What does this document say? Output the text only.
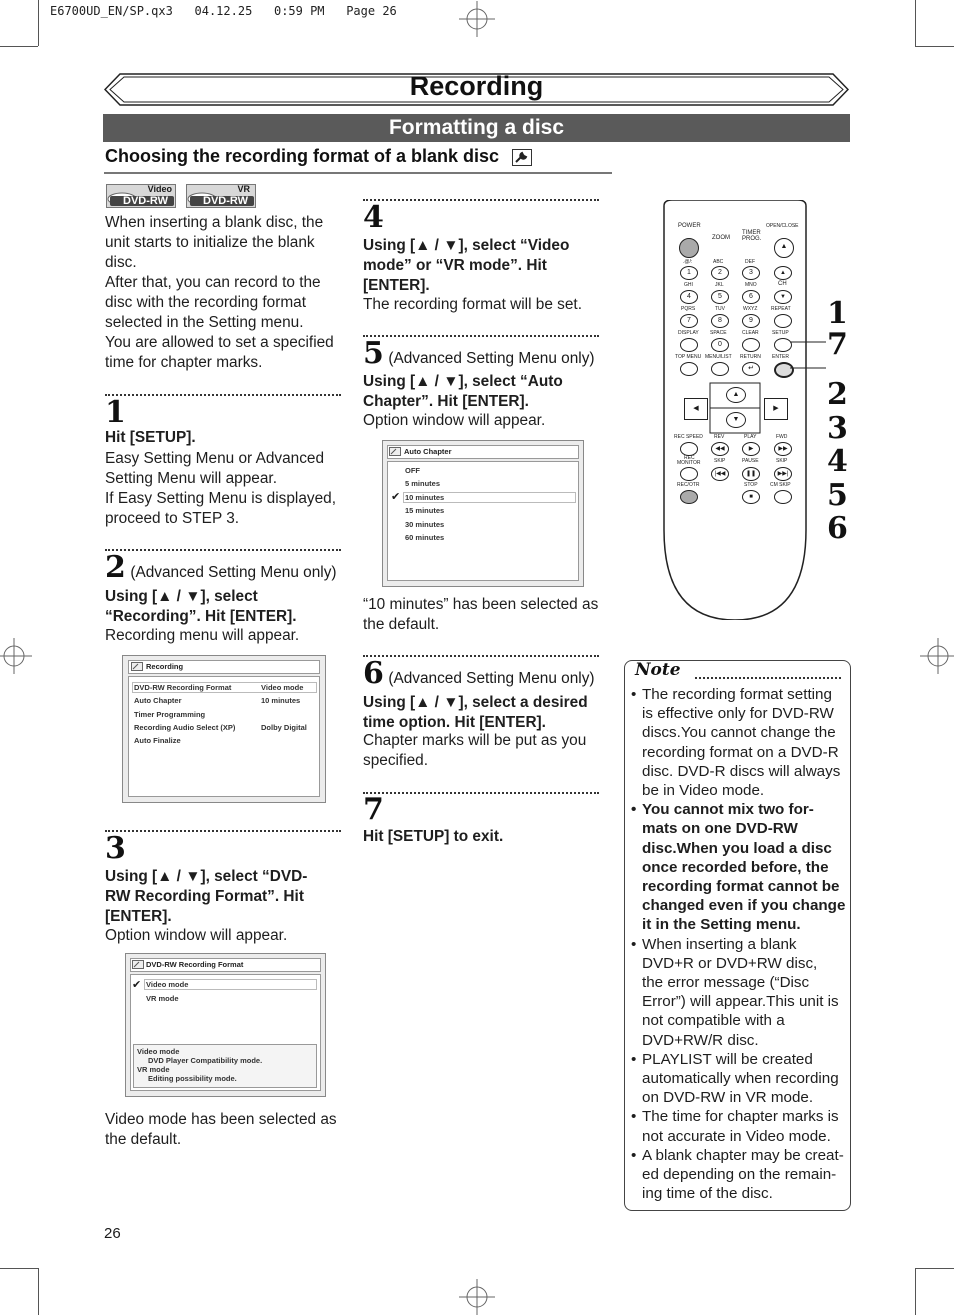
E6700UD_EN/SP.qx3   04.12.25   0:59 PM   Page 26
Recording
Formatting a disc
Choosing the recording format of a blank disc
Video
DVD-RW
VR
DVD-RW
When inserting a blank disc, the
unit starts to initialize the blank
disc.
After that, you can record to the
disc with the recording format
selected in the Setting menu.
You are allowed to set a specified
time for chapter marks.
1
Hit [SETUP].
Easy Setting Menu or Advanced
Setting Menu will appear.
If Easy Setting Menu is displayed,
proceed to STEP 3.
2 (Advanced Setting Menu only)
Using [▲ / ▼], select
“Recording”. Hit [ENTER].
Recording menu will appear.
Recording
DVD-RW Recording Format	Video mode
Auto Chapter	10 minutes
Timer Programming
Recording Audio Select (XP)	Dolby Digital
Auto Finalize
3
Using [▲ / ▼], select “DVD-
RW Recording Format”. Hit
[ENTER].
Option window will appear.
DVD-RW Recording Format
✔ Video mode
VR mode
Video mode
DVD Player Compatibility mode.
VR mode
Editing possibility mode.
Video mode has been selected as
the default.
4
Using [▲ / ▼], select “Video
mode” or “VR mode”. Hit
[ENTER].
The recording format will be set.
5 (Advanced Setting Menu only)
Using [▲ / ▼], select “Auto
Chapter”. Hit [ENTER].
Option window will appear.
Auto Chapter
✔
OFF
5 minutes
10 minutes
15 minutes
30 minutes
60 minutes
“10 minutes” has been selected as
the default.
6 (Advanced Setting Menu only)
Using [▲ / ▼], select a desired
time option. Hit [ENTER].
Chapter marks will be put as you
specified.
7
Hit [SETUP] to exit.
POWER
ZOOM
TIMER
PROG.
OPEN/CLOSE
▲
.@/:	ABC	DEF
1	2	3	▲
GHI	JKL	MNO	CH
4	5	6	▼
PQRS	TUV	WXYZ	REPEAT
7	8	9
DISPLAY SPACE	CLEAR	SETUP
0
TOP MENU MENU/LIST RETURN ENTER
↵
▲
▼
◀	▶
REC SPEED REV	PLAY	FWD
◀◀	▶	▶▶
REC
MONITOR	SKIP	PAUSE	SKIP
|◀◀	❚❚	▶▶|
REC/OTR	STOP CM SKIP
■
1
7
2
3
4
5
6
Note
• The recording format setting
is effective only for DVD-RW
discs.You cannot change the
recording format on a DVD-R
disc. DVD-R discs will always
be in Video mode.
• You cannot mix two for-
mats on one DVD-RW
disc.When you load a disc
once recorded before, the
recording format cannot be
changed even if you change
it in the Setting menu.
• When inserting a blank
DVD+R or DVD+RW disc,
the error message (“Disc
Error”) will appear.This unit is
not compatible with a
DVD+RW/R disc.
• PLAYLIST will be created
automatically when recording
on DVD-RW in VR mode.
• The time for chapter marks is
not accurate in Video mode.
• A blank chapter may be creat-
ed depending on the remain-
ing time of the disc.
26
